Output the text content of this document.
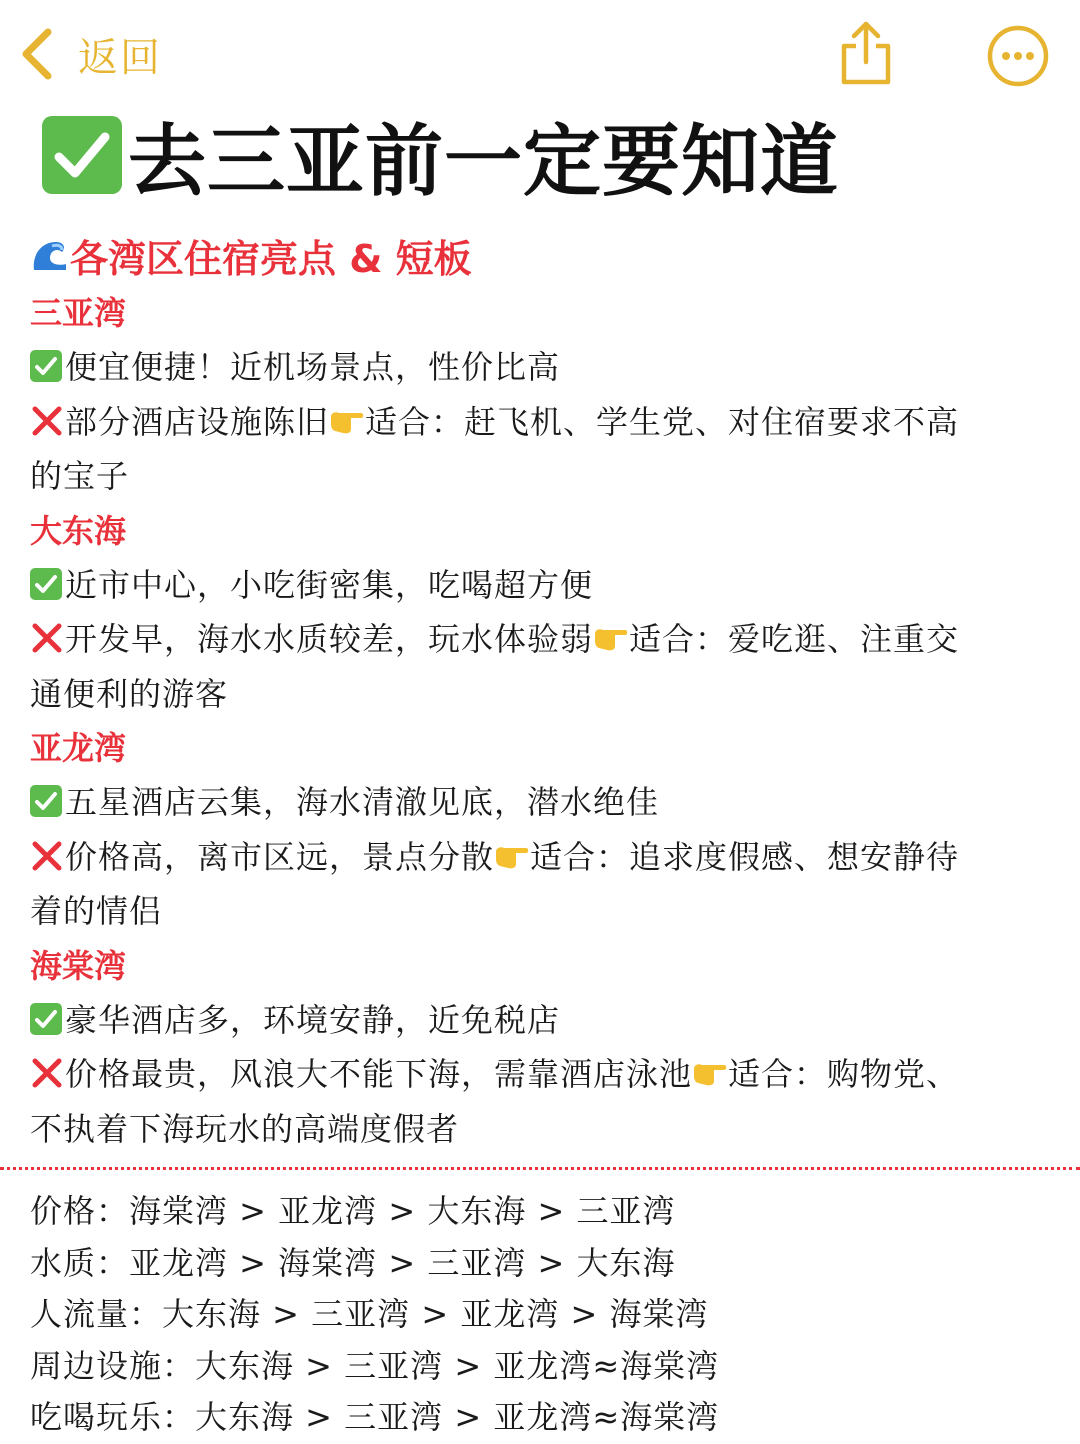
返回
去三亚前一定要知道
各湾区住宿亮点 & 短板
三亚湾
便宜便捷！近机场景点，性价比高
部分酒店设施陈旧 适合：赶飞机、学生党、对住宿要求不高
的宝子
大东海
近市中心，小吃街密集，吃喝超方便
开发早，海水水质较差，玩水体验弱 适合：爱吃逛、注重交
通便利的游客
亚龙湾
五星酒店云集，海水清澈见底，潜水绝佳
价格高，离市区远，景点分散 适合：追求度假感、想安静待
着的情侣
海棠湾
豪华酒店多，环境安静，近免税店
价格最贵，风浪大不能下海，需靠酒店泳池 适合：购物党、
不执着下海玩水的高端度假者
价格：海棠湾 > 亚龙湾 > 大东海 > 三亚湾
水质：亚龙湾 > 海棠湾 > 三亚湾 > 大东海
人流量：大东海 > 三亚湾 > 亚龙湾 > 海棠湾
周边设施：大东海 > 三亚湾 > 亚龙湾≈海棠湾
吃喝玩乐：大东海 > 三亚湾 > 亚龙湾≈海棠湾
